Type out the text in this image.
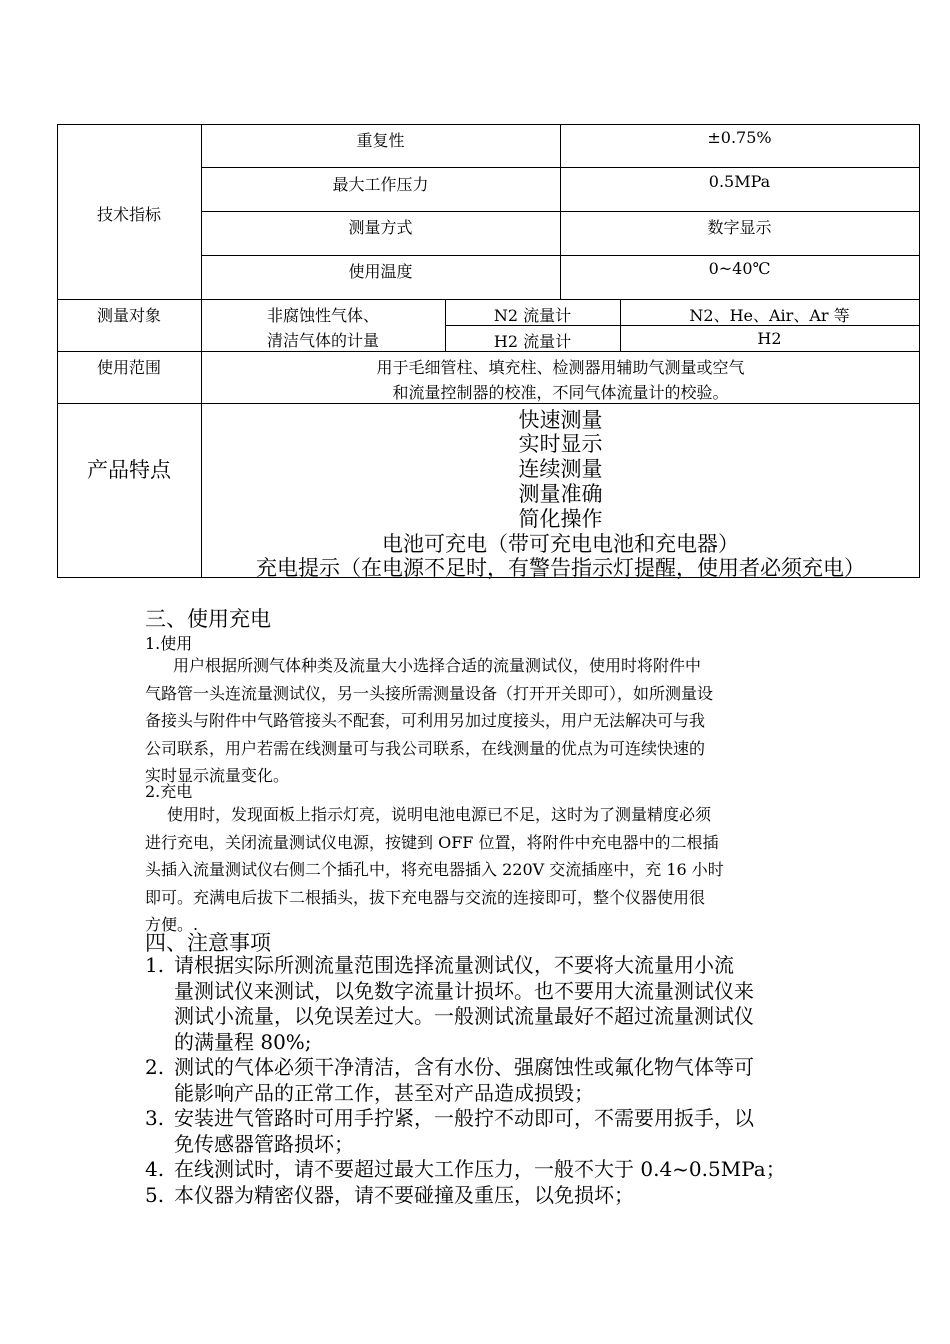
技术指标
重复性	±0.75%
最大工作压力	0.5MPa
测量方式	数字显示
使用温度	0~40℃
测量对象	非腐蚀性气体、
清洁气体的计量
N2 流量计	N2、He、Air、Ar 等
H2 流量计	H2
使用范围	用于毛细管柱、填充柱、检测器用辅助气测量或空气
和流量控制器的校准，不同气体流量计的校验。
产品特点
快速测量
实时显示
连续测量
测量准确
简化操作
电池可充电（带可充电电池和充电器）
充电提示（在电源不足时，有警告指示灯提醒，使用者必须充电）
三、使用充电
1.使用
用户根据所测气体种类及流量大小选择合适的流量测试仪，使用时将附件中
气路管一头连流量测试仪，另一头接所需测量设备（打开开关即可），如所测量设
备接头与附件中气路管接头不配套，可利用另加过度接头，用户无法解决可与我
公司联系，用户若需在线测量可与我公司联系，在线测量的优点为可连续快速的
实时显示流量变化。
2.充电
使用时，发现面板上指示灯亮，说明电池电源已不足，这时为了测量精度必须
进行充电，关闭流量测试仪电源，按键到 OFF 位置，将附件中充电器中的二根插
头插入流量测试仪右侧二个插孔中，将充电器插入 220V 交流插座中，充 16 小时
即可。充满电后拔下二根插头，拔下充电器与交流的连接即可，整个仪器使用很
方便。.
四、注意事项
1. 请根据实际所测流量范围选择流量测试仪，不要将大流量用小流
量测试仪来测试，以免数字流量计损坏。也不要用大流量测试仪来
测试小流量，以免误差过大。一般测试流量最好不超过流量测试仪
的满量程 80%;
2. 测试的气体必须干净清洁，含有水份、强腐蚀性或氟化物气体等可
能影响产品的正常工作，甚至对产品造成损毁；
3. 安装进气管路时可用手拧紧，一般拧不动即可，不需要用扳手，以
免传感器管路损坏；
4. 在线测试时，请不要超过最大工作压力，一般不大于 0.4~0.5MPa；
5. 本仪器为精密仪器，请不要碰撞及重压，以免损坏；
